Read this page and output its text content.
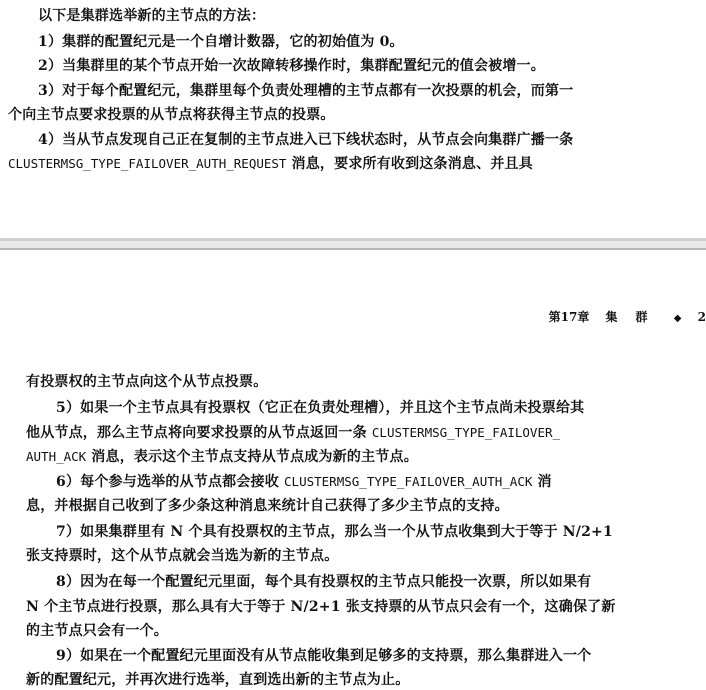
以下是集群选举新的主节点的方法：
1）集群的配置纪元是一个自增计数器，它的初始值为 0。
2）当集群里的某个节点开始一次故障转移操作时，集群配置纪元的值会被增一。
3）对于每个配置纪元，集群里每个负责处理槽的主节点都有一次投票的机会，而第一
个向主节点要求投票的从节点将获得主节点的投票。
4）当从节点发现自己正在复制的主节点进入已下线状态时，从节点会向集群广播一条
CLUSTERMSG_TYPE_FAILOVER_AUTH_REQUEST 消息，要求所有收到这条消息、并且具
第17章 集群 ◆ 2
有投票权的主节点向这个从节点投票。
5）如果一个主节点具有投票权（它正在负责处理槽），并且这个主节点尚未投票给其
他从节点，那么主节点将向要求投票的从节点返回一条 CLUSTERMSG_TYPE_FAILOVER_
AUTH_ACK 消息，表示这个主节点支持从节点成为新的主节点。
6）每个参与选举的从节点都会接收 CLUSTERMSG_TYPE_FAILOVER_AUTH_ACK 消
息，并根据自己收到了多少条这种消息来统计自己获得了多少主节点的支持。
7）如果集群里有 N 个具有投票权的主节点，那么当一个从节点收集到大于等于 N/2+1
张支持票时，这个从节点就会当选为新的主节点。
8）因为在每一个配置纪元里面，每个具有投票权的主节点只能投一次票，所以如果有
N 个主节点进行投票，那么具有大于等于 N/2+1 张支持票的从节点只会有一个，这确保了新
的主节点只会有一个。
9）如果在一个配置纪元里面没有从节点能收集到足够多的支持票，那么集群进入一个
新的配置纪元，并再次进行选举，直到选出新的主节点为止。
